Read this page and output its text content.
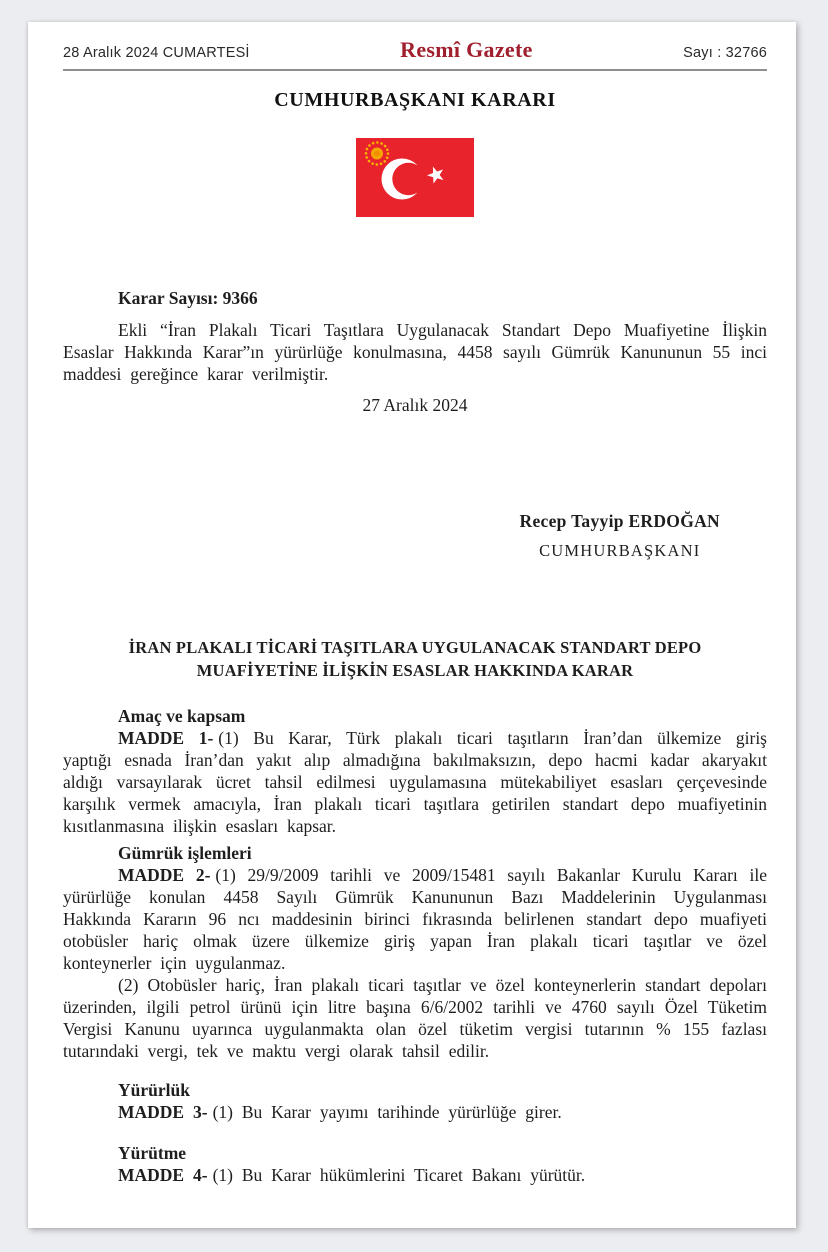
28 Aralık 2024 CUMARTESİ	Resmî Gazete	Sayı : 32766
CUMHURBAŞKANI KARARI

Karar Sayısı: 9366

Ekli “İran Plakalı Ticari Taşıtlara Uygulanacak Standart Depo Muafiyetine İlişkin Esaslar Hakkında Karar”ın yürürlüğe konulmasına, 4458 sayılı Gümrük Kanununun 55 inci maddesi gereğince karar verilmiştir.

27 Aralık 2024

Recep Tayyip ERDOĞAN
CUMHURBAŞKANI
İRAN PLAKALI TİCARİ TAŞITLARA UYGULANACAK STANDART DEPO
MUAFİYETİNE İLİŞKİN ESASLAR HAKKINDA KARAR
Amaç ve kapsam

MADDE 1- (1) Bu Karar, Türk plakalı ticari taşıtların İran’dan ülkemize giriş yaptığı esnada İran’dan yakıt alıp almadığına bakılmaksızın, depo hacmi kadar akaryakıt aldığı varsayılarak ücret tahsil edilmesi uygulamasına mütekabiliyet esasları çerçevesinde karşılık vermek amacıyla, İran plakalı ticari taşıtlara getirilen standart depo muafiyetinin kısıtlanmasına ilişkin esasları kapsar.

Gümrük işlemleri

MADDE 2- (1) 29/9/2009 tarihli ve 2009/15481 sayılı Bakanlar Kurulu Kararı ile yürürlüğe konulan 4458 Sayılı Gümrük Kanununun Bazı Maddelerinin Uygulanması Hakkında Kararın 96 ncı maddesinin birinci fıkrasında belirlenen standart depo muafiyeti otobüsler hariç olmak üzere ülkemize giriş yapan İran plakalı ticari taşıtlar ve özel konteynerler için uygulanmaz.

(2) Otobüsler hariç, İran plakalı ticari taşıtlar ve özel konteynerlerin standart depoları üzerinden, ilgili petrol ürünü için litre başına 6/6/2002 tarihli ve 4760 sayılı Özel Tüketim Vergisi Kanunu uyarınca uygulanmakta olan özel tüketim vergisi tutarının % 155 fazlası tutarındaki vergi, tek ve maktu vergi olarak tahsil edilir.

Yürürlük

MADDE 3- (1) Bu Karar yayımı tarihinde yürürlüğe girer.

Yürütme

MADDE 4- (1) Bu Karar hükümlerini Ticaret Bakanı yürütür.
